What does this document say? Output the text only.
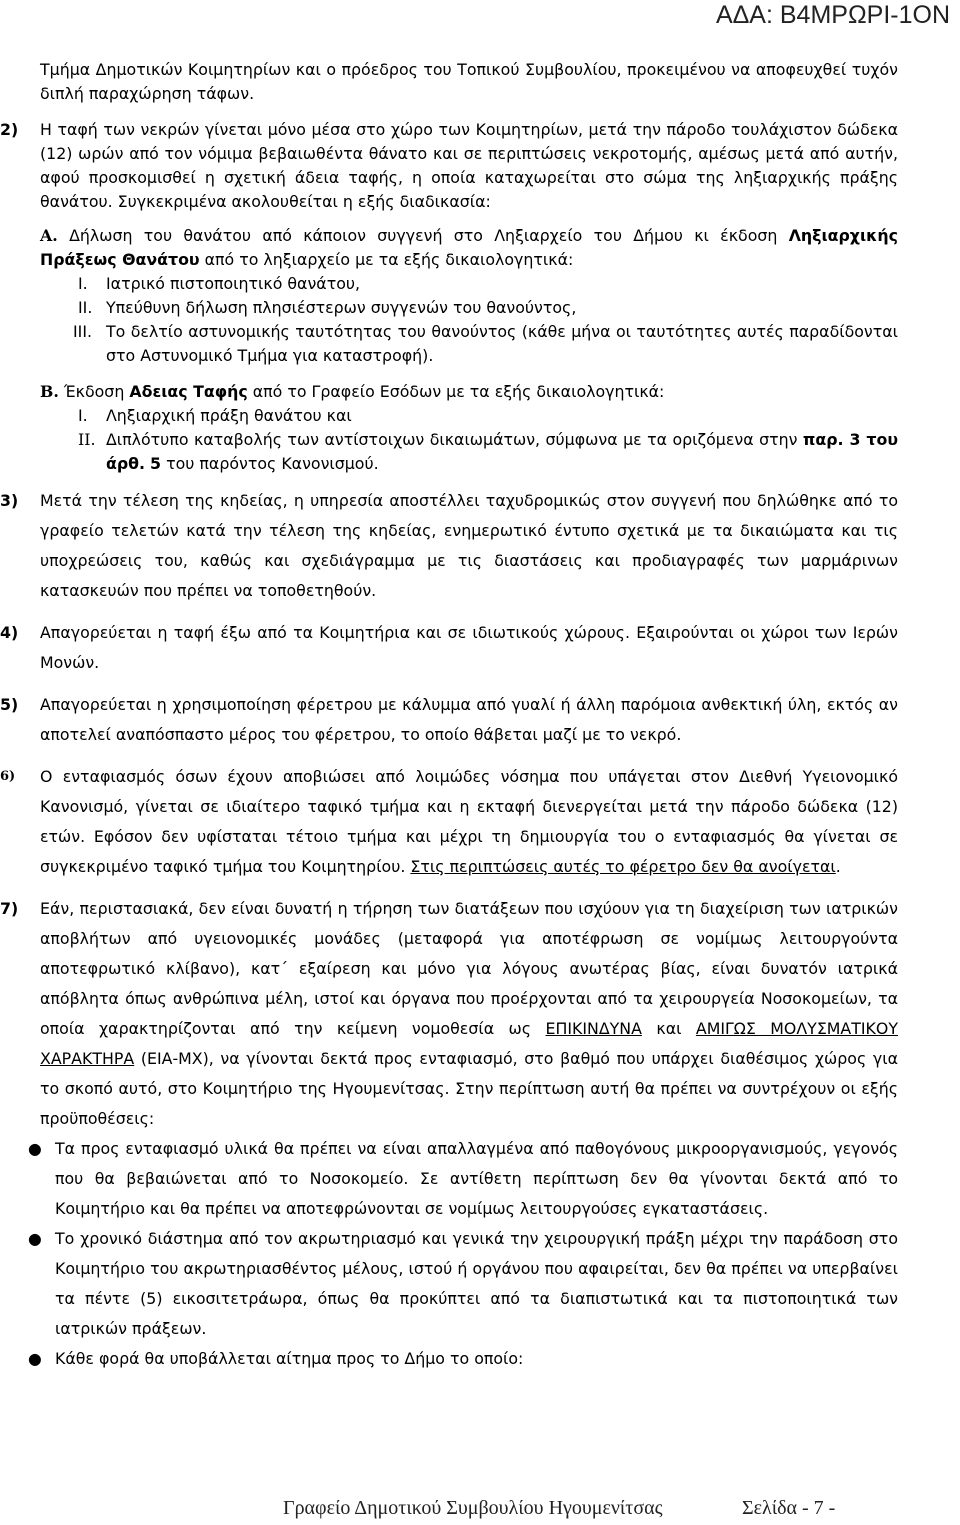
ΑΔΑ: Β4ΜΡΩΡΙ-1ΟΝ

Τμήμα Δημοτικών Κοιμητηρίων και ο πρόεδρος του Τοπικού Συμβουλίου, προκειμένου να αποφευχθεί τυχόν διπλή παραχώρηση τάφων.

2) Η ταφή των νεκρών γίνεται μόνο μέσα στο χώρο των Κοιμητηρίων, μετά την πάροδο τουλάχιστον δώδεκα (12) ωρών από τον νόμιμα βεβαιωθέντα θάνατο και σε περιπτώσεις νεκροτομής, αμέσως μετά από αυτήν, αφού προσκομισθεί η σχετική άδεια ταφής, η οποία καταχωρείται στο σώμα της ληξιαρχικής πράξης θανάτου. Συγκεκριμένα ακολουθείται η εξής διαδικασία:

Α. Δήλωση του θανάτου από κάποιον συγγενή στο Ληξιαρχείο του Δήμου κι έκδοση Ληξιαρχικής Πράξεως Θανάτου από το ληξιαρχείο με τα εξής δικαιολογητικά:

I. Ιατρικό πιστοποιητικό θανάτου,

II. Υπεύθυνη δήλωση πλησιέστερων συγγενών του θανούντος,

III. Το δελτίο αστυνομικής ταυτότητας του θανούντος (κάθε μήνα οι ταυτότητες αυτές παραδίδονται στο Αστυνομικό Τμήμα για καταστροφή).

Β. Έκδοση Αδειας Ταφής από το Γραφείο Εσόδων με τα εξής δικαιολογητικά:

I. Ληξιαρχική πράξη θανάτου και

II. Διπλότυπο καταβολής των αντίστοιχων δικαιωμάτων, σύμφωνα με τα οριζόμενα στην παρ. 3 του άρθ. 5 του παρόντος Κανονισμού.

3) Μετά την τέλεση της κηδείας, η υπηρεσία αποστέλλει ταχυδρομικώς στον συγγενή που δηλώθηκε από το γραφείο τελετών κατά την τέλεση της κηδείας, ενημερωτικό έντυπο σχετικά με τα δικαιώματα και τις υποχρεώσεις του, καθώς και σχεδιάγραμμα με τις διαστάσεις και προδιαγραφές των μαρμάρινων κατασκευών που πρέπει να τοποθετηθούν.

4) Απαγορεύεται η ταφή έξω από τα Κοιμητήρια και σε ιδιωτικούς χώρους. Εξαιρούνται οι χώροι των Ιερών Μονών.

5) Απαγορεύεται η χρησιμοποίηση φέρετρου με κάλυμμα από γυαλί ή άλλη παρόμοια ανθεκτική ύλη, εκτός αν αποτελεί αναπόσπαστο μέρος του φέρετρου, το οποίο θάβεται μαζί με το νεκρό.

6) Ο ενταφιασμός όσων έχουν αποβιώσει από λοιμώδες νόσημα που υπάγεται στον Διεθνή Υγειονομικό Κανονισμό, γίνεται σε ιδιαίτερο ταφικό τμήμα και η εκταφή διενεργείται μετά την πάροδο δώδεκα (12) ετών. Εφόσον δεν υφίσταται τέτοιο τμήμα και μέχρι τη δημιουργία του ο ενταφιασμός θα γίνεται σε συγκεκριμένο ταφικό τμήμα του Κοιμητηρίου. Στις περιπτώσεις αυτές το φέρετρο δεν θα ανοίγεται.

7) Εάν, περιστασιακά, δεν είναι δυνατή η τήρηση των διατάξεων που ισχύουν για τη διαχείριση των ιατρικών αποβλήτων από υγειονομικές μονάδες (μεταφορά για αποτέφρωση σε νομίμως λειτουργούντα αποτεφρωτικό κλίβανο), κατ΄ εξαίρεση και μόνο για λόγους ανωτέρας βίας, είναι δυνατόν ιατρικά απόβλητα όπως ανθρώπινα μέλη, ιστοί και όργανα που προέρχονται από τα χειρουργεία Νοσοκομείων, τα οποία χαρακτηρίζονται από την κείμενη νομοθεσία ως ΕΠΙΚΙΝΔΥΝΑ και ΑΜΙΓΩΣ ΜΟΛΥΣΜΑΤΙΚΟΥ ΧΑΡΑΚΤΗΡΑ (ΕΙΑ-ΜΧ), να γίνονται δεκτά προς ενταφιασμό, στο βαθμό που υπάρχει διαθέσιμος χώρος για το σκοπό αυτό, στο Κοιμητήριο της Ηγουμενίτσας. Στην περίπτωση αυτή θα πρέπει να συντρέχουν οι εξής προϋποθέσεις:

● Τα προς ενταφιασμό υλικά θα πρέπει να είναι απαλλαγμένα από παθογόνους μικροοργανισμούς, γεγονός που θα βεβαιώνεται από το Νοσοκομείο. Σε αντίθετη περίπτωση δεν θα γίνονται δεκτά από το Κοιμητήριο και θα πρέπει να αποτεφρώνονται σε νομίμως λειτουργούσες εγκαταστάσεις.

● Το χρονικό διάστημα από τον ακρωτηριασμό και γενικά την χειρουργική πράξη μέχρι την παράδοση στο Κοιμητήριο του ακρωτηριασθέντος μέλους, ιστού ή οργάνου που αφαιρείται, δεν θα πρέπει να υπερβαίνει τα πέντε (5) εικοσιτετράωρα, όπως θα προκύπτει από τα διαπιστωτικά και τα πιστοποιητικά των ιατρικών πράξεων.

● Κάθε φορά θα υποβάλλεται αίτημα προς το Δήμο το οποίο:

Γραφείο Δημοτικού Συμβουλίου Ηγουμενίτσας	Σελίδα - 7 -
